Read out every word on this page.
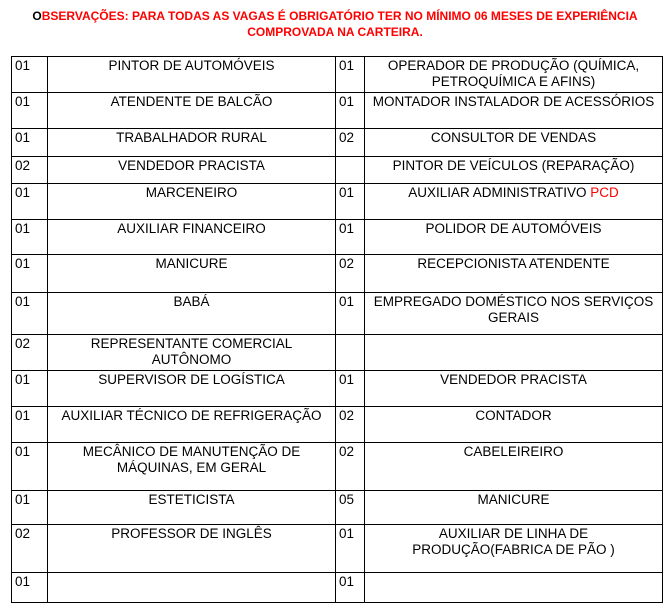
OBSERVAÇÕES: PARA TODAS AS VAGAS É OBRIGATÓRIO TER NO MÍNIMO 06 MESES DE EXPERIÊNCIA
COMPROVADA NA CARTEIRA.
01	PINTOR DE AUTOMÓVEIS	01	OPERADOR DE PRODUÇÃO (QUÍMICA, PETROQUÍMICA E AFINS)
01	ATENDENTE DE BALCÃO	01	MONTADOR INSTALADOR DE ACESSÓRIOS
01	TRABALHADOR RURAL	02	CONSULTOR DE VENDAS
02	VENDEDOR PRACISTA		PINTOR DE VEÍCULOS (REPARAÇÃO)
01	MARCENEIRO	01	AUXILIAR ADMINISTRATIVO PCD
01	AUXILIAR FINANCEIRO	01	POLIDOR DE AUTOMÓVEIS
01	MANICURE	02	RECEPCIONISTA ATENDENTE
01	BABÁ	01	EMPREGADO DOMÉSTICO NOS SERVIÇOS GERAIS
02	REPRESENTANTE COMERCIAL AUTÔNOMO		
01	SUPERVISOR DE LOGÍSTICA	01	VENDEDOR PRACISTA
01	AUXILIAR TÉCNICO DE REFRIGERAÇÃO	02	CONTADOR
01	MECÂNICO DE MANUTENÇÃO DE MÁQUINAS, EM GERAL	02	CABELEIREIRO
01	ESTETICISTA	05	MANICURE
02	PROFESSOR DE INGLÊS	01	AUXILIAR DE LINHA DE PRODUÇÃO(FABRICA DE PÃO )
01		01	
